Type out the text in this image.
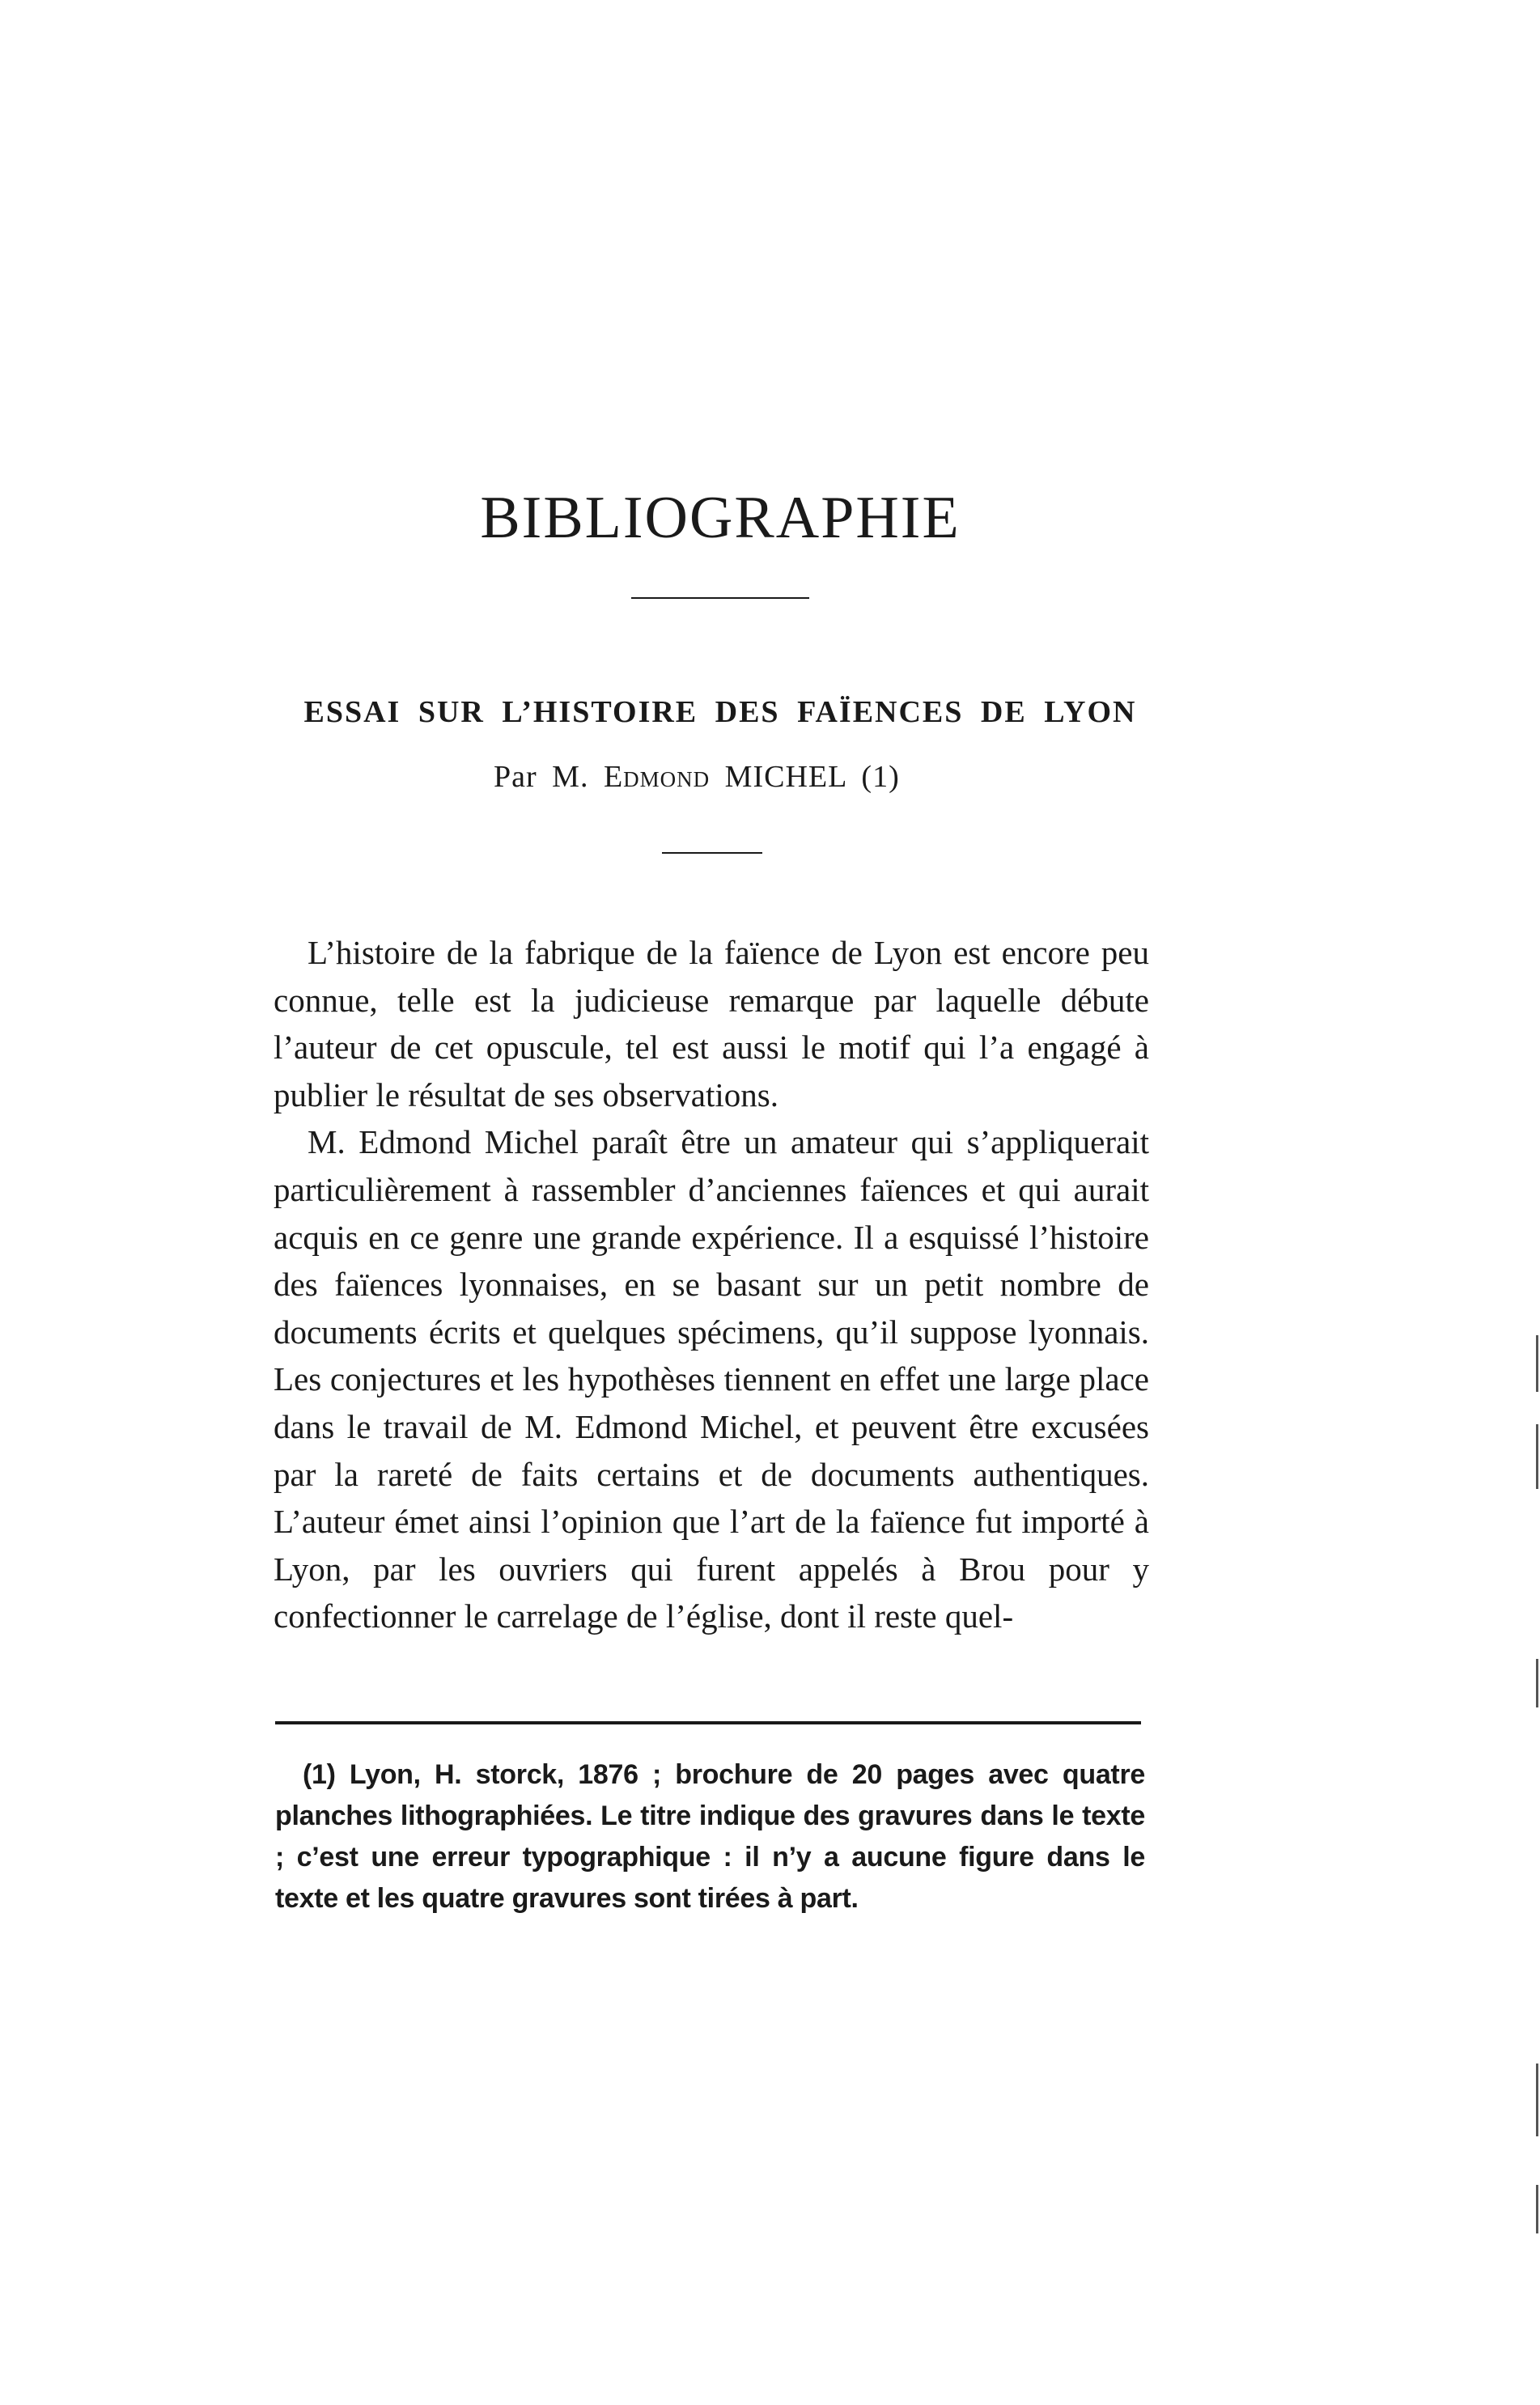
BIBLIOGRAPHIE
ESSAI SUR L’HISTOIRE DES FAÏENCES DE LYON

Par M. Edmond MICHEL (1)

L’histoire de la fabrique de la faïence de Lyon est encore peu connue, telle est la judicieuse remarque par laquelle débute l’auteur de cet opuscule, tel est aussi le motif qui l’a engagé à publier le résultat de ses observations.

M. Edmond Michel paraît être un amateur qui s’appliquerait particulièrement à rassembler d’anciennes faïences et qui aurait acquis en ce genre une grande expérience. Il a esquissé l’histoire des faïences lyonnaises, en se basant sur un petit nombre de documents écrits et quelques spécimens, qu’il suppose lyonnais. Les conjectures et les hypothèses tiennent en effet une large place dans le travail de M. Edmond Michel, et peuvent être excusées par la rareté de faits certains et de documents authentiques. L’auteur émet ainsi l’opinion que l’art de la faïence fut importé à Lyon, par les ouvriers qui furent appelés à Brou pour y confectionner le carrelage de l’église, dont il reste quel-

(1) Lyon, H. storck, 1876 ; brochure de 20 pages avec quatre planches lithographiées. Le titre indique des gravures dans le texte ; c’est une erreur typographique : il n’y a aucune figure dans le texte et les quatre gravures sont tirées à part.
